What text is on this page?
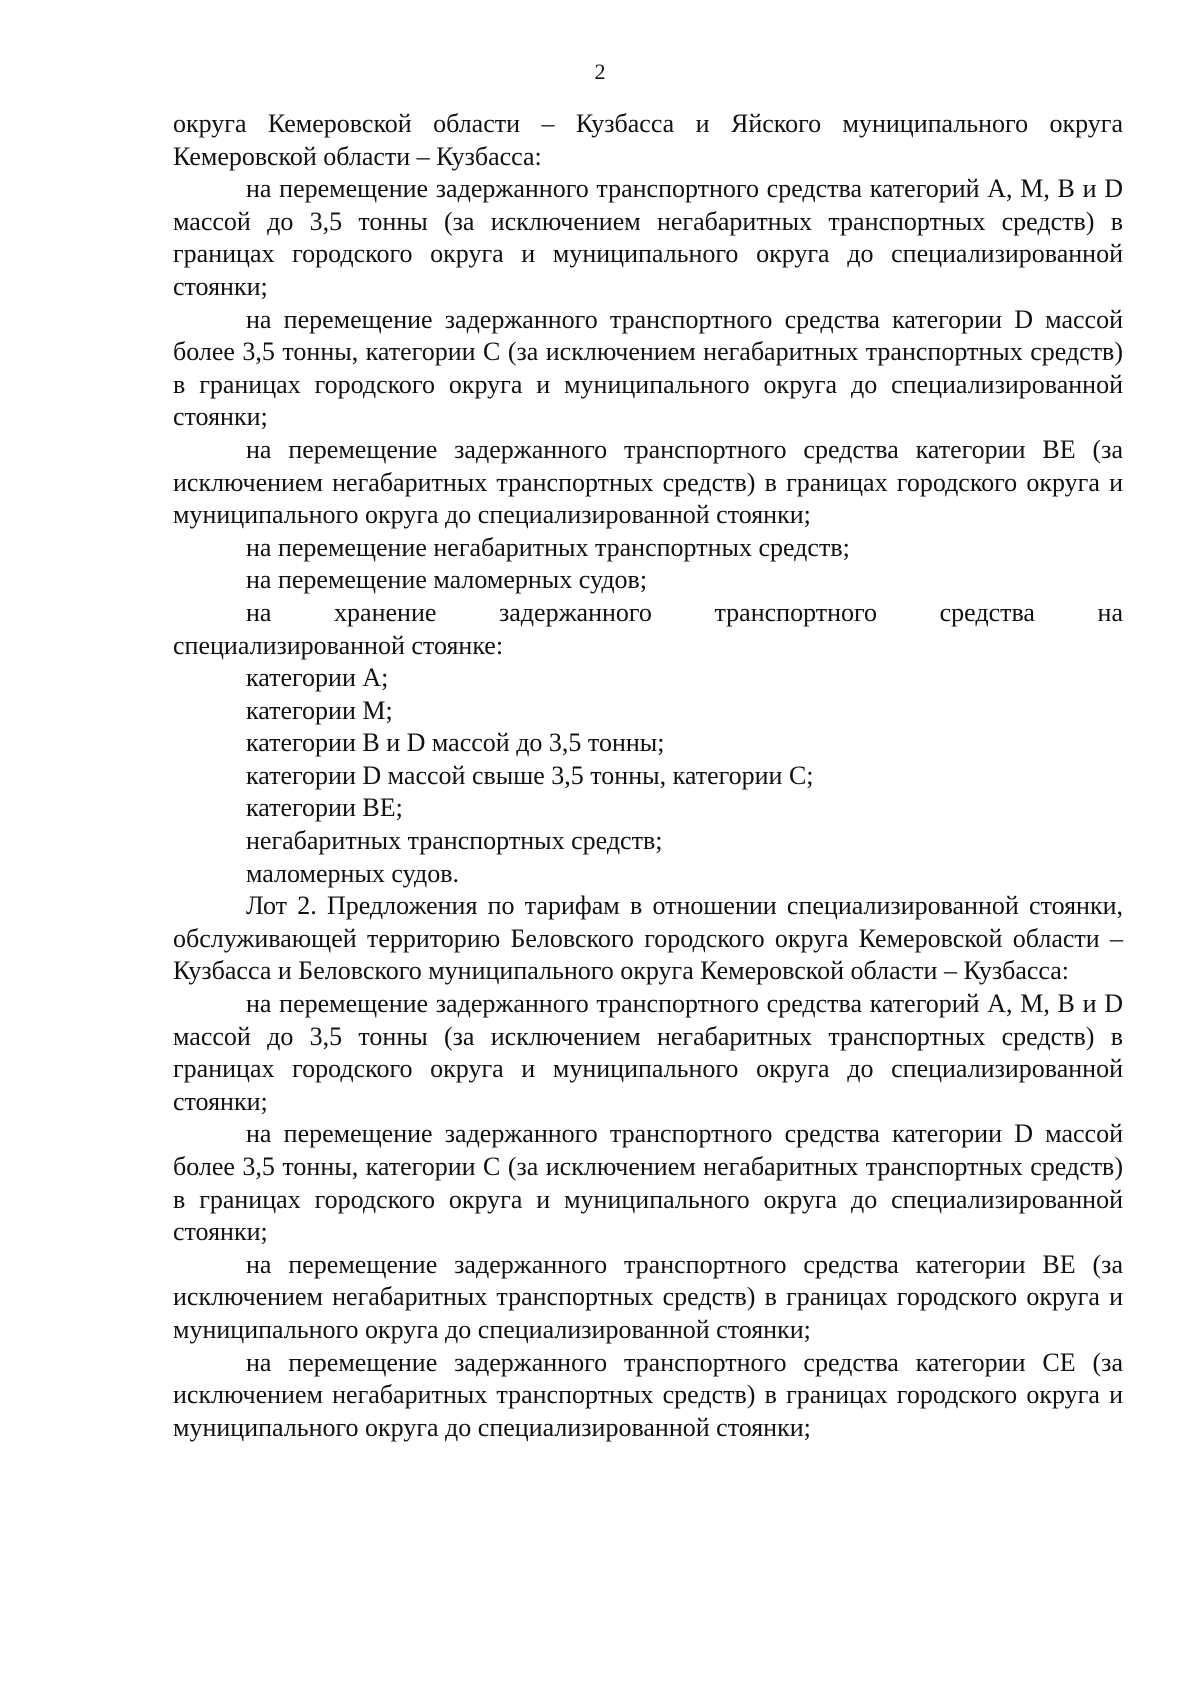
2

округа Кемеровской области – Кузбасса и Яйского муниципального округа Кемеровской области – Кузбасса:

на перемещение задержанного транспортного средства категорий А, М, В и D массой до 3,5 тонны (за исключением негабаритных транспортных средств) в границах городского округа и муниципального округа до специализированной стоянки;

на перемещение задержанного транспортного средства категории D массой более 3,5 тонны, категории С (за исключением негабаритных транспортных средств) в границах городского округа и муниципального округа до специализированной стоянки;

на перемещение задержанного транспортного средства категории ВЕ (за исключением негабаритных транспортных средств) в границах городского округа и муниципального округа до специализированной стоянки;

на перемещение негабаритных транспортных средств;

на перемещение маломерных судов;

на хранение задержанного транспортного средства на
специализированной стоянке:

категории А;

категории М;

категории В и D массой до 3,5 тонны;

категории D массой свыше 3,5 тонны, категории С;

категории ВЕ;

негабаритных транспортных средств;

маломерных судов.

Лот 2. Предложения по тарифам в отношении специализированной стоянки, обслуживающей территорию Беловского городского округа Кемеровской области – Кузбасса и Беловского муниципального округа Кемеровской области – Кузбасса:

на перемещение задержанного транспортного средства категорий А, М, В и D массой до 3,5 тонны (за исключением негабаритных транспортных средств) в границах городского округа и муниципального округа до специализированной стоянки;

на перемещение задержанного транспортного средства категории D массой более 3,5 тонны, категории С (за исключением негабаритных транспортных средств) в границах городского округа и муниципального округа до специализированной стоянки;

на перемещение задержанного транспортного средства категории ВЕ (за исключением негабаритных транспортных средств) в границах городского округа и муниципального округа до специализированной стоянки;

на перемещение задержанного транспортного средства категории СЕ (за исключением негабаритных транспортных средств) в границах городского округа и муниципального округа до специализированной стоянки;
